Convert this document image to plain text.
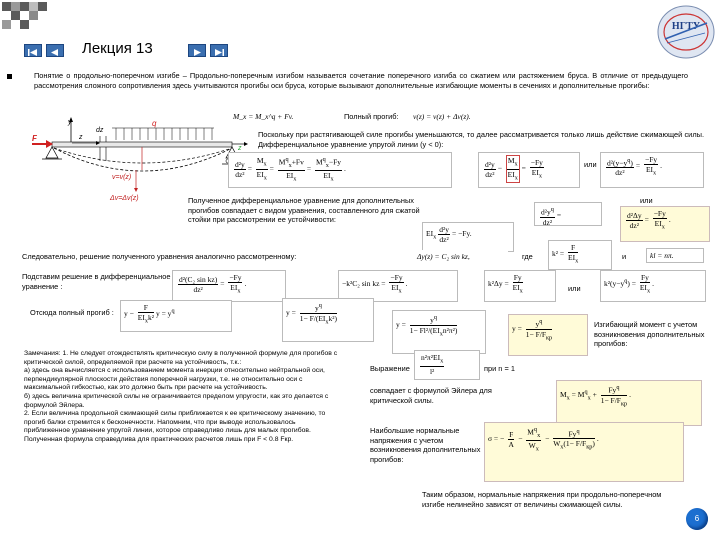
Лекция 13
НГТУ
Понятие о продольно-поперечном изгибе – Продольно-поперечным изгибом называется сочетание поперечного изгиба со сжатием или растяжением бруса. В отличие от предыдущего рассмотрения сложного сопротивления здесь учитываются прогибы оси бруса, которые вызывают дополнительные изгибающие моменты в сечениях и дополнительные прогибы:
y
dz
q
z
z
F
v=v(z)
Δv=Δv(z)
M_x = M_x^q + Fv.	Полный прогиб:	v(z) = v(z) + Δv(z).
Поскольку при растягивающей силе прогибы уменьшаются, то далее рассматривается только лишь действие сжимающей силы. Дифференциальное уравнение упругой линии (y < 0):
$\frac{\text{d²y}}{\text{dz²}} = \frac{M_x}{EI_x} = \frac{M^q_x+Fv}{EI_x} = \frac{M^q_x-Fy}{EI_x}$ .	$\frac{\text{d²y}}{\text{dz²}} - \frac{M_x}{EI_x} = \frac{-Fy}{EI_x}$	или $\frac{d^2(y-y^q)}{\text{dz²}} = \frac{-Fy}{EI_x}$ .
или
Полученное дифференциальное уравнение для дополнительных прогибов совпадает с видом уравнения, составленного для сжатой стойки при рассмотрении ее устойчивости:	$\frac{d^2y^q}{\text{dz²}}$ =	$\frac{\text{d²Δy}}{\text{dz²}} = \frac{-Fy}{EI_x}$ .
$EI_x \frac{\text{d²y}}{\text{dz²}} = -Fy$.
Следовательно, решение полученного уравнения аналогично рассмотренному:	Δy(z) = C₂ sin kz,	где	$k^2 = \frac{F}{EI_x}$	и	kl = nπ.
Подставим решение в дифференциальное уравнение :	$\frac{\text{d²(C₂ sin kz)}}{\text{dz²}} = \frac{-Fy}{EI_x}$ .	−k²C₂ sin kz = $\frac{-Fy}{EI_x}$ .	$k^2\Delta y = \frac{Fy}{EI_x}$	или
$k^2(y-y^q) = \frac{Fy}{EI_x}$ .
Отсюда полный прогиб :	$y - \frac{F}{EI_xk^2}$ $y = y^q$	$y = \frac{y^q}{1- F/(EI_xk^2)}$	$y = \frac{y^q}{1- Fl^2/(EI_xn^2\pi^2)}$	$y = \frac{y^q}{1- F/F_{кр}}$	Изгибающий момент с учетом возникновения дополнительных прогибов:
Замечания: 1. Не следует отождествлять критическую силу в полученной формуле для прогибов с критической силой, определяемой при расчете на устойчивость, т.к.:
а) здесь она вычисляется с использованием момента инерции относительно нейтральной оси, перпендикулярной плоскости действия поперечной нагрузки, т.е. не относительно оси с максимальной гибкостью, как это должно быть при расчете на устойчивость.
б) здесь величина критической силы не ограничивается пределом упругости, как это делается с формулой Эйлера.
2. Если величина продольной сжимающей силы приближается к ее критическому значению, то прогиб балки стремится к бесконечности. Напомним, что при выводе использовалось приближенное уравнение упругой линии, которое справедливо лишь для малых прогибов. Полученная формула справедлива для практических расчетов лишь при F < 0.8 Fкр.
Выражение $\frac{n^2\pi^2EI_x}{\text{l²}}$	при n = 1
совпадает с формулой Эйлера для критической силы.
$M_x = M^q_x + \frac{Fy^q}{1- F/F_{кр}}$ .
Наибольшие нормальные напряжения с учетом возникновения дополнительных прогибов:
σ = − $\frac{F}{A} - \frac{M^q_x}{W_x} - \frac{Fy^q}{W_x(1- F/F_{кр})}$ .
Таким образом, нормальные напряжения при продольно-поперечном изгибе нелинейно зависят от величины сжимающей силы.
6
